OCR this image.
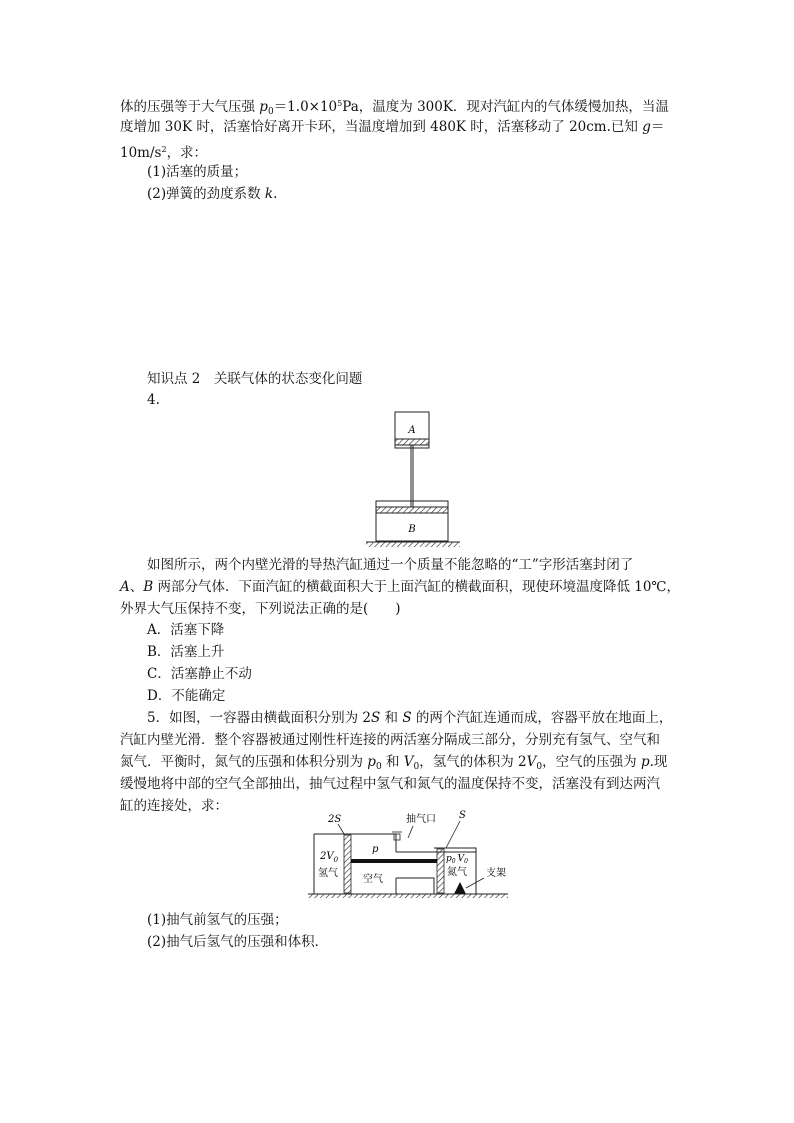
体的压强等于大气压强 $p_0=1.0\times 10^5Pa$，温度为 300K．现对汽缸内的气体缓慢加热，当温
度增加 30K 时，活塞恰好离开卡环，当温度增加到 480K 时，活塞移动了 20cm.已知 g＝
$10m/s^2$，求：
(1)活塞的质量；
(2)弹簧的劲度系数 k.
知识点 2　关联气体的状态变化问题
4.
A
B
如图所示，两个内壁光滑的导热汽缸通过一个质量不能忽略的“工”字形活塞封闭了
A、B 两部分气体．下面汽缸的横截面积大于上面汽缸的横截面积，现使环境温度降低 10℃，
外界大气压保持不变，下列说法正确的是(　　)
A．活塞下降
B．活塞上升
C．活塞静止不动
D．不能确定
5．如图，一容器由横截面积分别为 2S 和 S 的两个汽缸连通而成，容器平放在地面上，
汽缸内壁光滑．整个容器被通过刚性杆连接的两活塞分隔成三部分，分别充有氢气、空气和
氮气．平衡时，氮气的压强和体积分别为 $p_0$ 和 $V_0$，氢气的体积为 $2V_0$，空气的压强为 p.现
缓慢地将中部的空气全部抽出，抽气过程中氢气和氮气的温度保持不变，活塞没有到达两汽
缸的连接处，求：
2S	抽气口 S
$2V_0$
氢气
p
空气
$p_0$ $V_0$
氮气 支架
(1)抽气前氢气的压强；
(2)抽气后氢气的压强和体积．
